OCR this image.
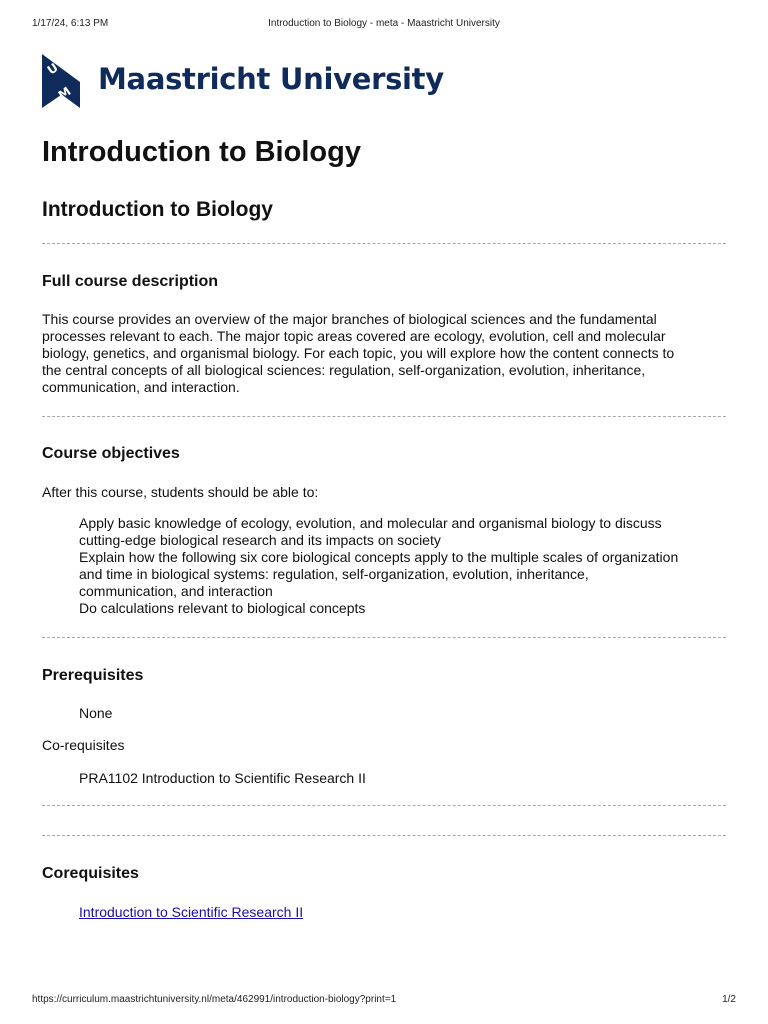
1/17/24, 6:13 PM	Introduction to Biology - meta - Maastricht University
U
M Maastricht University
Introduction to Biology
Introduction to Biology
Full course description
This course provides an overview of the major branches of biological sciences and the fundamental
processes relevant to each. The major topic areas covered are ecology, evolution, cell and molecular
biology, genetics, and organismal biology. For each topic, you will explore how the content connects to
the central concepts of all biological sciences: regulation, self-organization, evolution, inheritance,
communication, and interaction.
Course objectives

After this course, students should be able to:

Apply basic knowledge of ecology, evolution, and molecular and organismal biology to discuss
cutting-edge biological research and its impacts on society
Explain how the following six core biological concepts apply to the multiple scales of organization
and time in biological systems: regulation, self-organization, evolution, inheritance,
communication, and interaction
Do calculations relevant to biological concepts
Prerequisites

None

Co-requisites

PRA1102 Introduction to Scientific Research II

Corequisites

Introduction to Scientific Research II

https://curriculum.maastrichtuniversity.nl/meta/462991/introduction-biology?print=1	1/2
